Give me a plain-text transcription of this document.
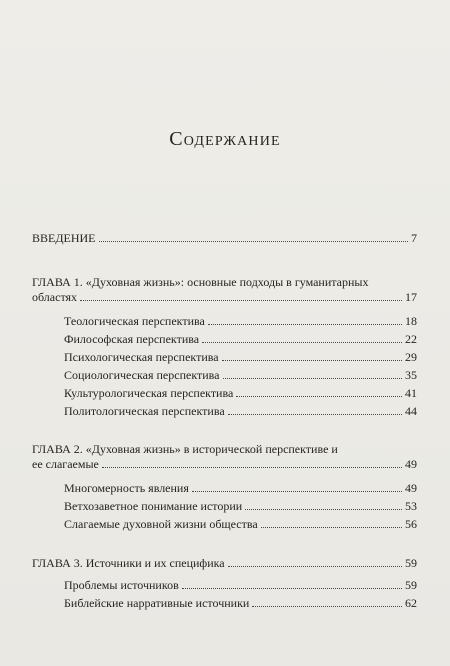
Содержание
ВВЕДЕНИЕ	7
ГЛАВА 1. «Духовная жизнь»: основные подходы в гуманитарных
областях	17
Теологическая перспектива	18
Философская перспектива	22
Психологическая перспектива	29
Социологическая перспектива	35
Культурологическая перспектива	41
Политологическая перспектива	44
ГЛАВА 2. «Духовная жизнь» в исторической перспективе и
ее слагаемые	49
Многомерность явления	49
Ветхозаветное понимание истории	53
Слагаемые духовной жизни общества	56
ГЛАВА 3. Источники и их специфика	59
Проблемы источников	59
Библейские нарративные источники	62
